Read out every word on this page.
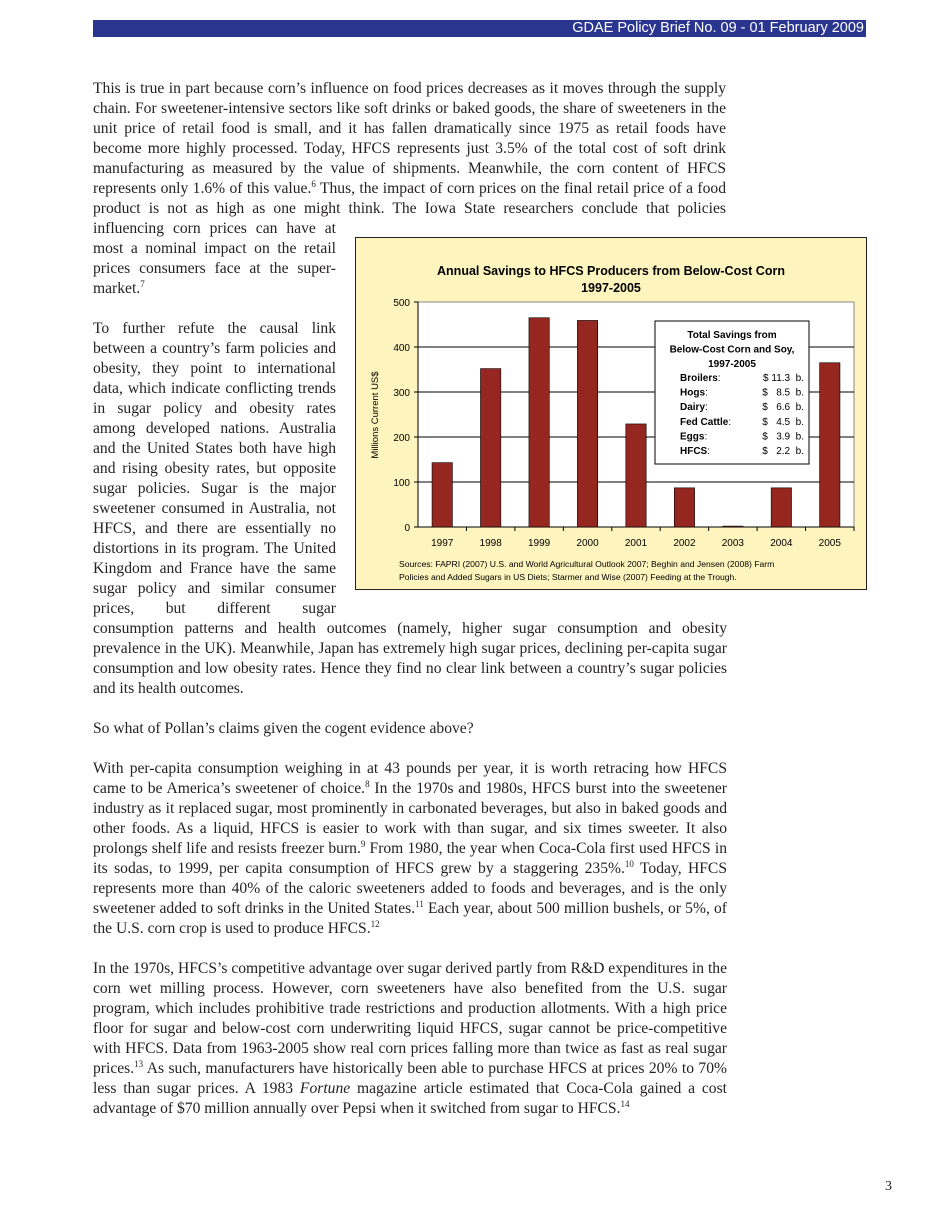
GDAE Policy Brief No. 09 - 01 February 2009

This is true in part because corn’s influence on food prices decreases as it moves through the supply chain. For sweetener-intensive sectors like soft drinks or baked goods, the share of sweeteners in the unit price of retail food is small, and it has fallen dramatically since 1975 as retail foods have become more highly processed. Today, HFCS represents just 3.5% of the total cost of soft drink manufacturing as measured by the value of shipments. Meanwhile, the corn content of HFCS represents only 1.6% of this value.$^6$ Thus, the impact of corn prices on the final retail price of a food product is not as high as one might think. The Iowa State researchers conclude that policies influencing corn prices can have at most a nominal impact on the retail prices consumers face at the super-market.$^7$

To further refute the causal link between a country’s farm policies and obesity, they point to international data, which indicate conflicting trends in sugar policy and obesity rates among developed nations. Australia and the United States both have high and rising obesity rates, but opposite sugar policies. Sugar is the major sweetener consumed in Australia, not HFCS, and there are essentially no distortions in its program. The United Kingdom and France have the same sugar policy and similar consumer prices, but different sugar consumption patterns and health outcomes (namely, higher sugar consumption and obesity prevalence in the UK). Meanwhile, Japan has extremely high sugar prices, declining per-capita sugar consumption and low obesity rates. Hence they find no clear link between a country’s sugar policies and its health outcomes.

So what of Pollan’s claims given the cogent evidence above?

With per-capita consumption weighing in at 43 pounds per year, it is worth retracing how HFCS came to be America’s sweetener of choice.$^8$ In the 1970s and 1980s, HFCS burst into the sweetener industry as it replaced sugar, most prominently in carbonated beverages, but also in baked goods and other foods. As a liquid, HFCS is easier to work with than sugar, and six times sweeter. It also prolongs shelf life and resists freezer burn.$^9$ From 1980, the year when Coca-Cola first used HFCS in its sodas, to 1999, per capita consumption of HFCS grew by a staggering 235%.$^{10}$ Today, HFCS represents more than 40% of the caloric sweeteners added to foods and beverages, and is the only sweetener added to soft drinks in the United States.$^{11}$ Each year, about 500 million bushels, or 5%, of the U.S. corn crop is used to produce HFCS.$^{12}$

In the 1970s, HFCS’s competitive advantage over sugar derived partly from R&D expenditures in the corn wet milling process. However, corn sweeteners have also benefited from the U.S. sugar program, which includes prohibitive trade restrictions and production allotments. With a high price floor for sugar and below-cost corn underwriting liquid HFCS, sugar cannot be price-competitive with HFCS. Data from 1963-2005 show real corn prices falling more than twice as fast as real sugar prices.$^{13}$ As such, manufacturers have historically been able to purchase HFCS at prices 20% to 70% less than sugar prices. A 1983 Fortune magazine article estimated that Coca-Cola gained a cost advantage of $70 million annually over Pepsi when it switched from sugar to HFCS.$^{14}$

0
100
200
300
400
500
1997	1998	1999	2000	2001	2002	2003	2004	2005
Annual Savings to HFCS Producers from Below-Cost Corn
1997-2005
Millions Current US$
Total Savings from
Below-Cost Corn and Soy,
1997-2005
Broilers:	$ 11.3  b.
Hogs:	$   8.5  b.
Dairy:	$   6.6  b.
Fed Cattle:	$   4.5  b.
Eggs:	$   3.9  b.
HFCS:	$   2.2  b.
Sources: FAPRI (2007) U.S. and World Agricultural Outlook 2007; Beghin and Jensen (2008) Farm
Policies and Added Sugars in US Diets; Starmer and Wise (2007) Feeding at the Trough.
3
